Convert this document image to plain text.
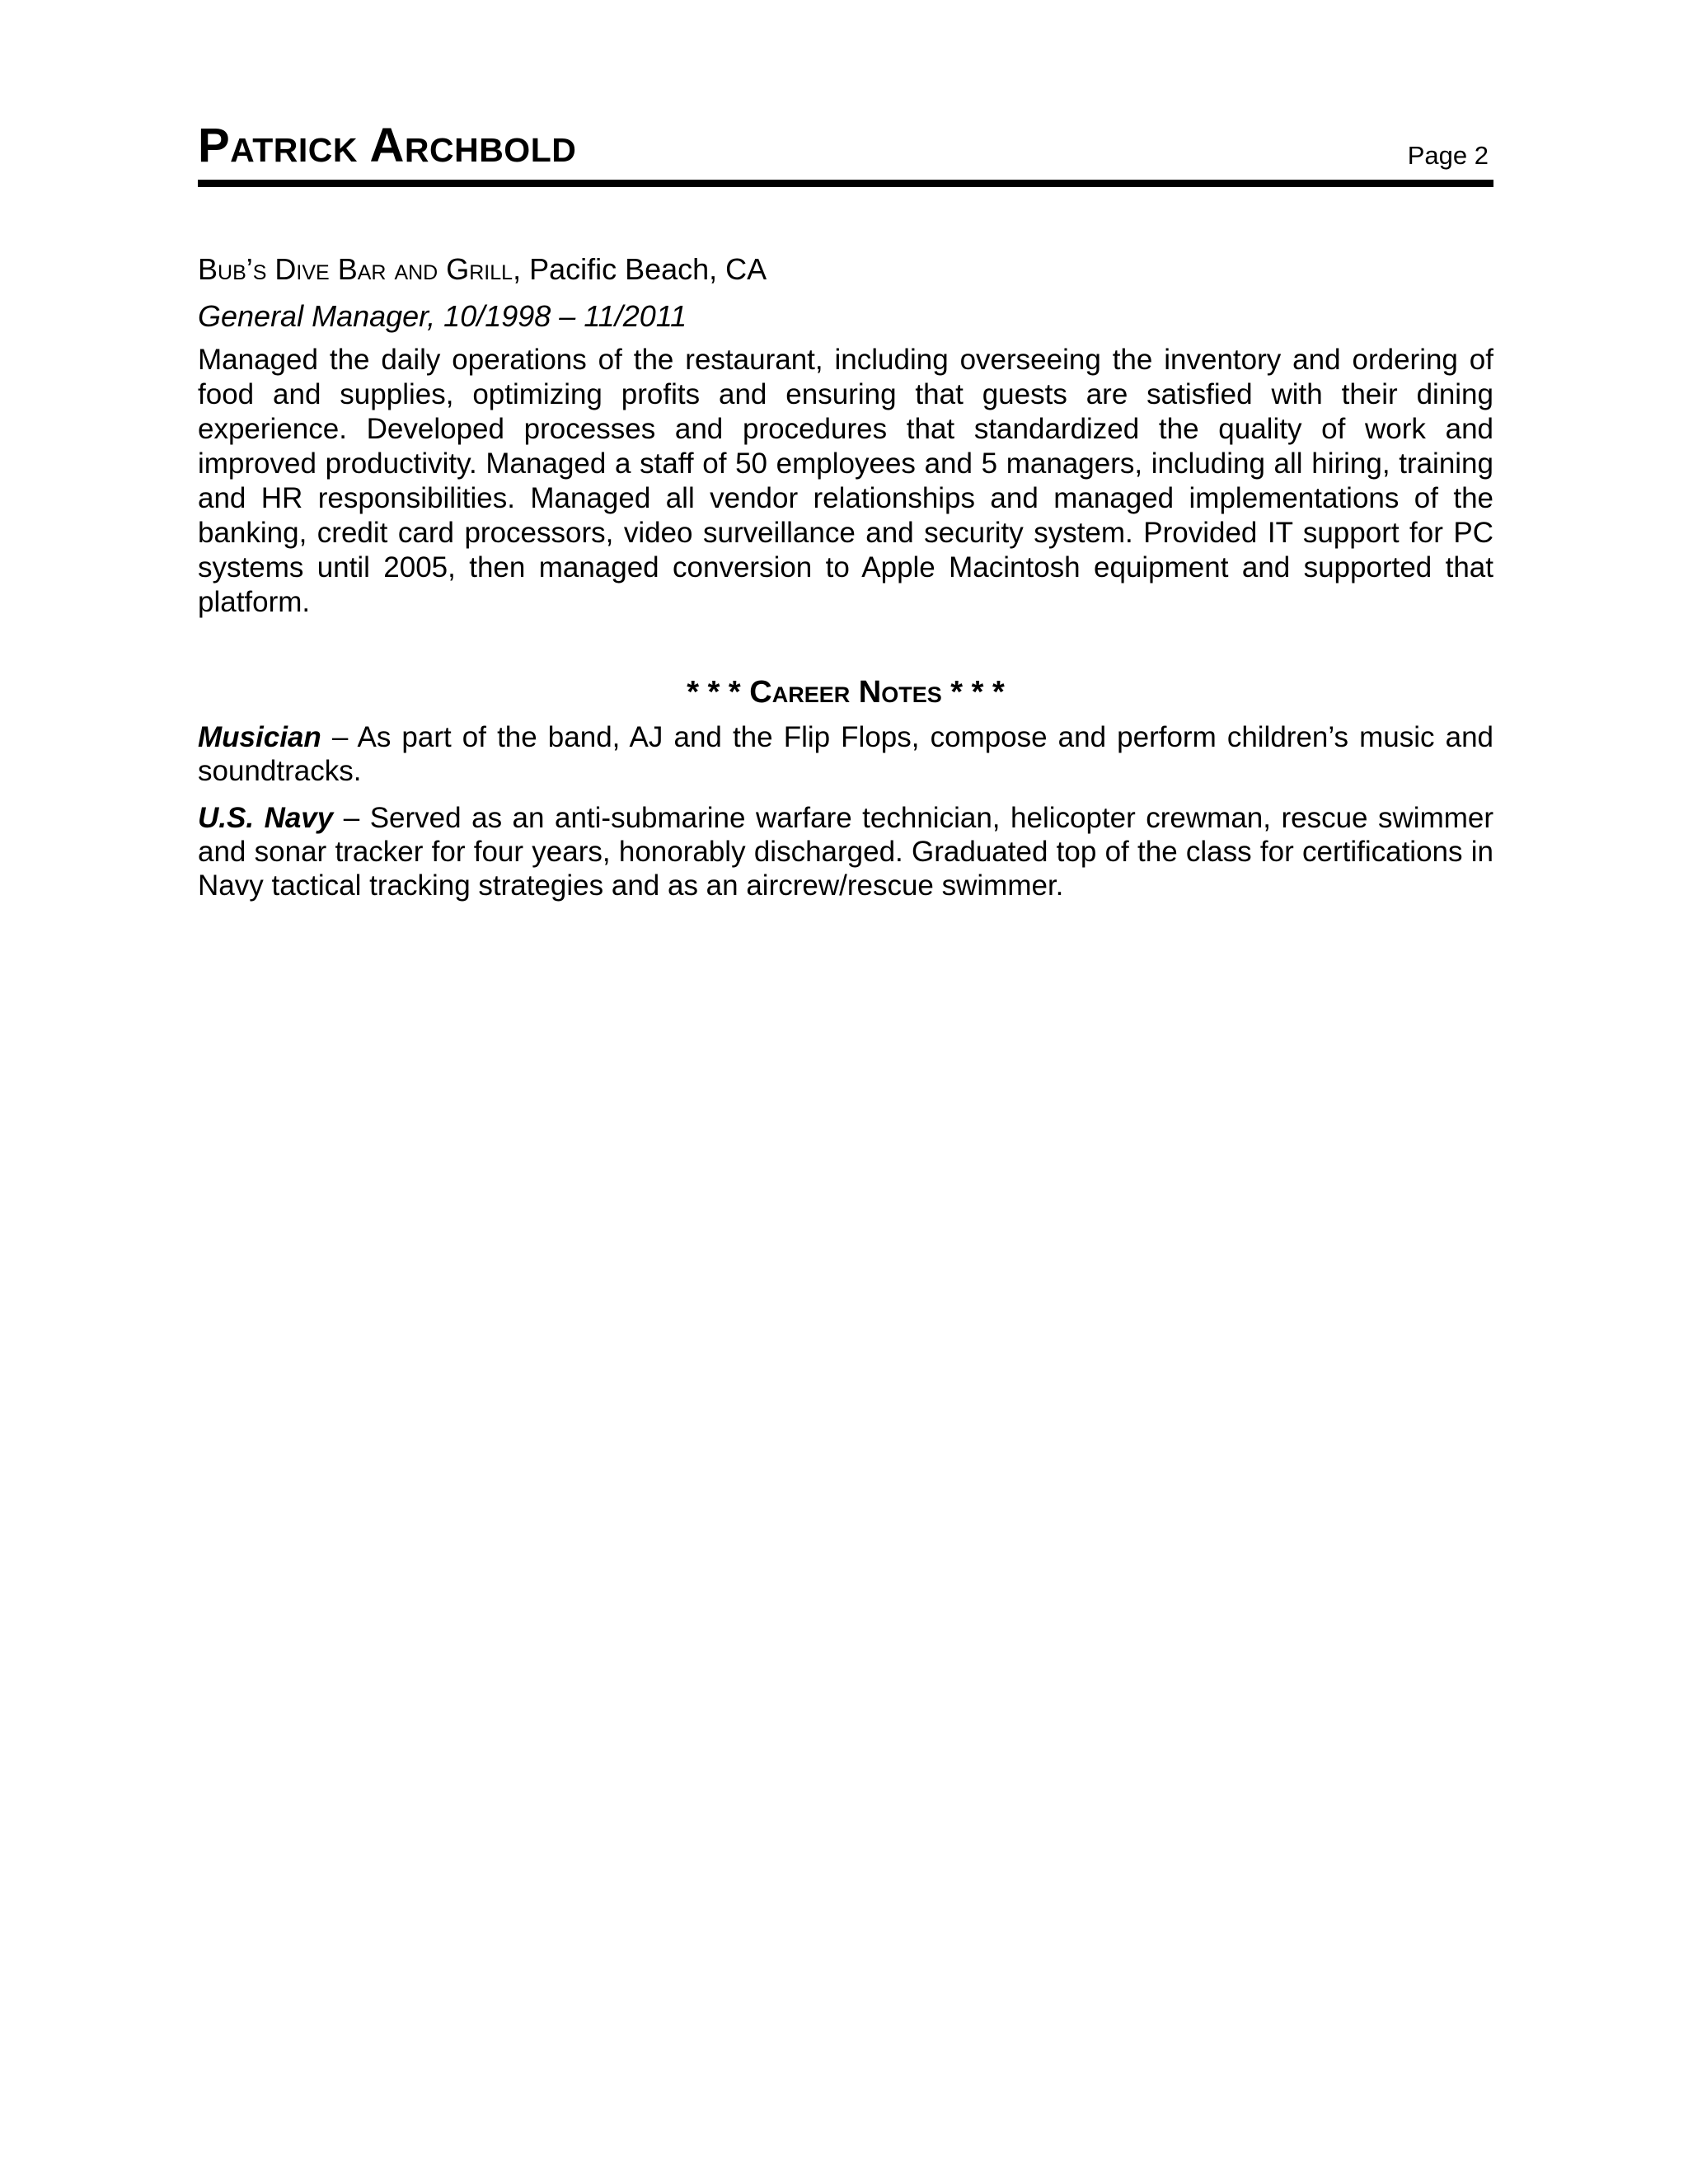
Patrick Archbold	Page 2
Bub’s Dive Bar and Grill, Pacific Beach, CA
General Manager, 10/1998 – 11/2011
Managed the daily operations of the restaurant, including overseeing the inventory and ordering of food and supplies, optimizing profits and ensuring that guests are satisfied with their dining experience. Developed processes and procedures that standardized the quality of work and improved productivity. Managed a staff of 50 employees and 5 managers, including all hiring, training and HR responsibilities. Managed all vendor relationships and managed implementations of the banking, credit card processors, video surveillance and security system. Provided IT support for PC systems until 2005, then managed conversion to Apple Macintosh equipment and supported that platform.
* * * Career Notes * * *
Musician – As part of the band, AJ and the Flip Flops, compose and perform children’s music and soundtracks.
U.S. Navy – Served as an anti-submarine warfare technician, helicopter crewman, rescue swimmer and sonar tracker for four years, honorably discharged. Graduated top of the class for certifications in Navy tactical tracking strategies and as an aircrew/rescue swimmer.
